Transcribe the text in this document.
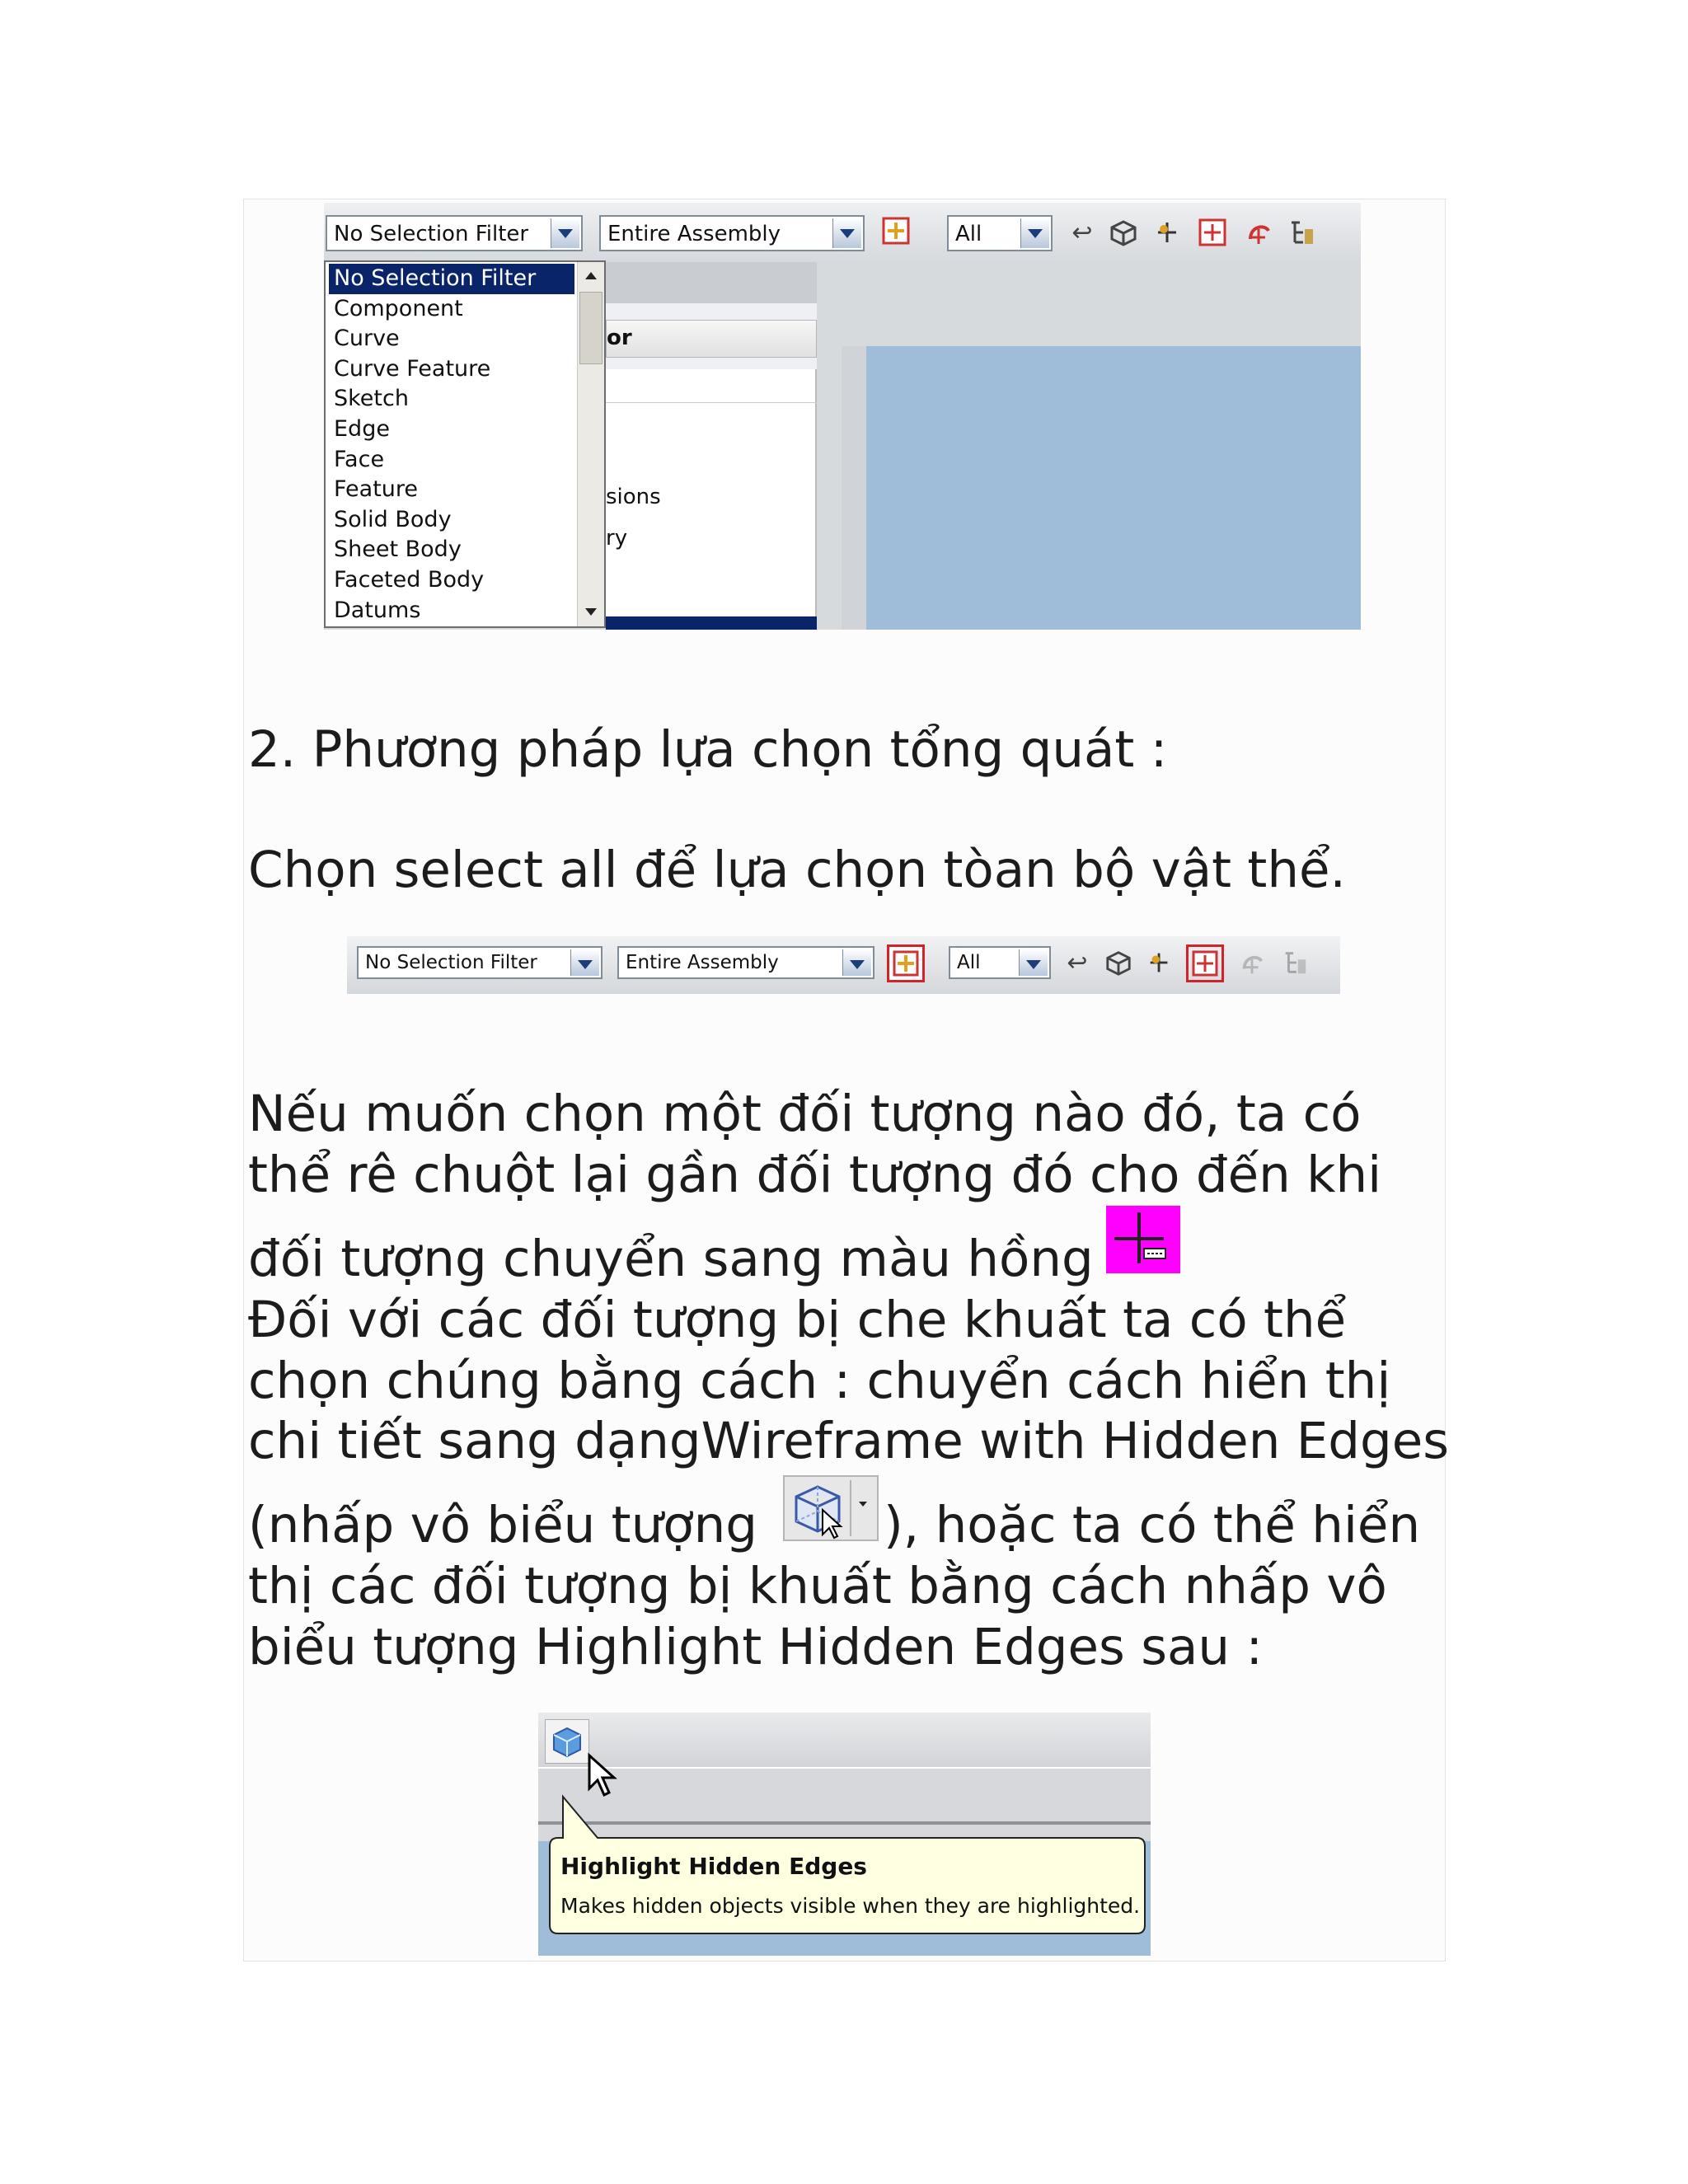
No Selection Filter	Entire Assembly	All	↩
or
sions
ry
No Selection Filter
Component
Curve
Curve Feature
Sketch
Edge
Face
Feature
Solid Body
Sheet Body
Faceted Body
Datums
2. Phương pháp lựa chọn tổng quát :
Chọn select all để lựa chọn tòan bộ vật thể.
No Selection Filter	Entire Assembly	All	↩
Nếu muốn chọn một đối tượng nào đó, ta có
thể rê chuột lại gần đối tượng đó cho đến khi
đối tượng chuyển sang màu hồng
Đối với các đối tượng bị che khuất ta có thể
chọn chúng bằng cách : chuyển cách hiển thị
chi tiết sang dạngWireframe with Hidden Edges
(nhấp vô biểu tượng	), hoặc ta có thể hiển
thị các đối tượng bị khuất bằng cách nhấp vô
biểu tượng Highlight Hidden Edges sau :
Highlight Hidden Edges
Makes hidden objects visible when they are highlighted.
